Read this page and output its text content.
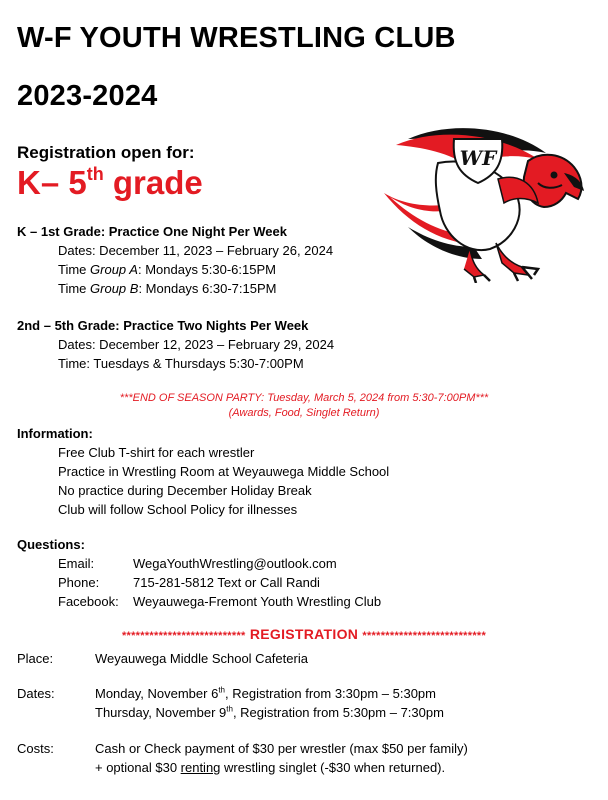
W-F YOUTH WRESTLING CLUB
2023-2024
Registration open for:
K– 5th grade
WF
K – 1st Grade: Practice One Night Per Week
Dates: December 11, 2023 – February 26, 2024
Time Group A: Mondays 5:30-6:15PM
Time Group B: Mondays 6:30-7:15PM
2nd – 5th Grade: Practice Two Nights Per Week
Dates: December 12, 2023 – February 29, 2024
Time: Tuesdays & Thursdays 5:30-7:00PM
***END OF SEASON PARTY: Tuesday, March 5, 2024 from 5:30-7:00PM***
(Awards, Food, Singlet Return)
Information:
Free Club T-shirt for each wrestler
Practice in Wrestling Room at Weyauwega Middle School
No practice during December Holiday Break
Club will follow School Policy for illnesses
Questions:
Email:	WegaYouthWrestling@outlook.com
Phone:	715-281-5812 Text or Call Randi
Facebook: Weyauwega-Fremont Youth Wrestling Club
*************************** REGISTRATION ***************************
Place:	Weyauwega Middle School Cafeteria
Dates:	Monday, November 6th, Registration from 3:30pm – 5:30pm
Thursday, November 9th, Registration from 5:30pm – 7:30pm
Costs:	Cash or Check payment of $30 per wrestler (max $50 per family)
+ optional $30 renting wrestling singlet (-$30 when returned).
